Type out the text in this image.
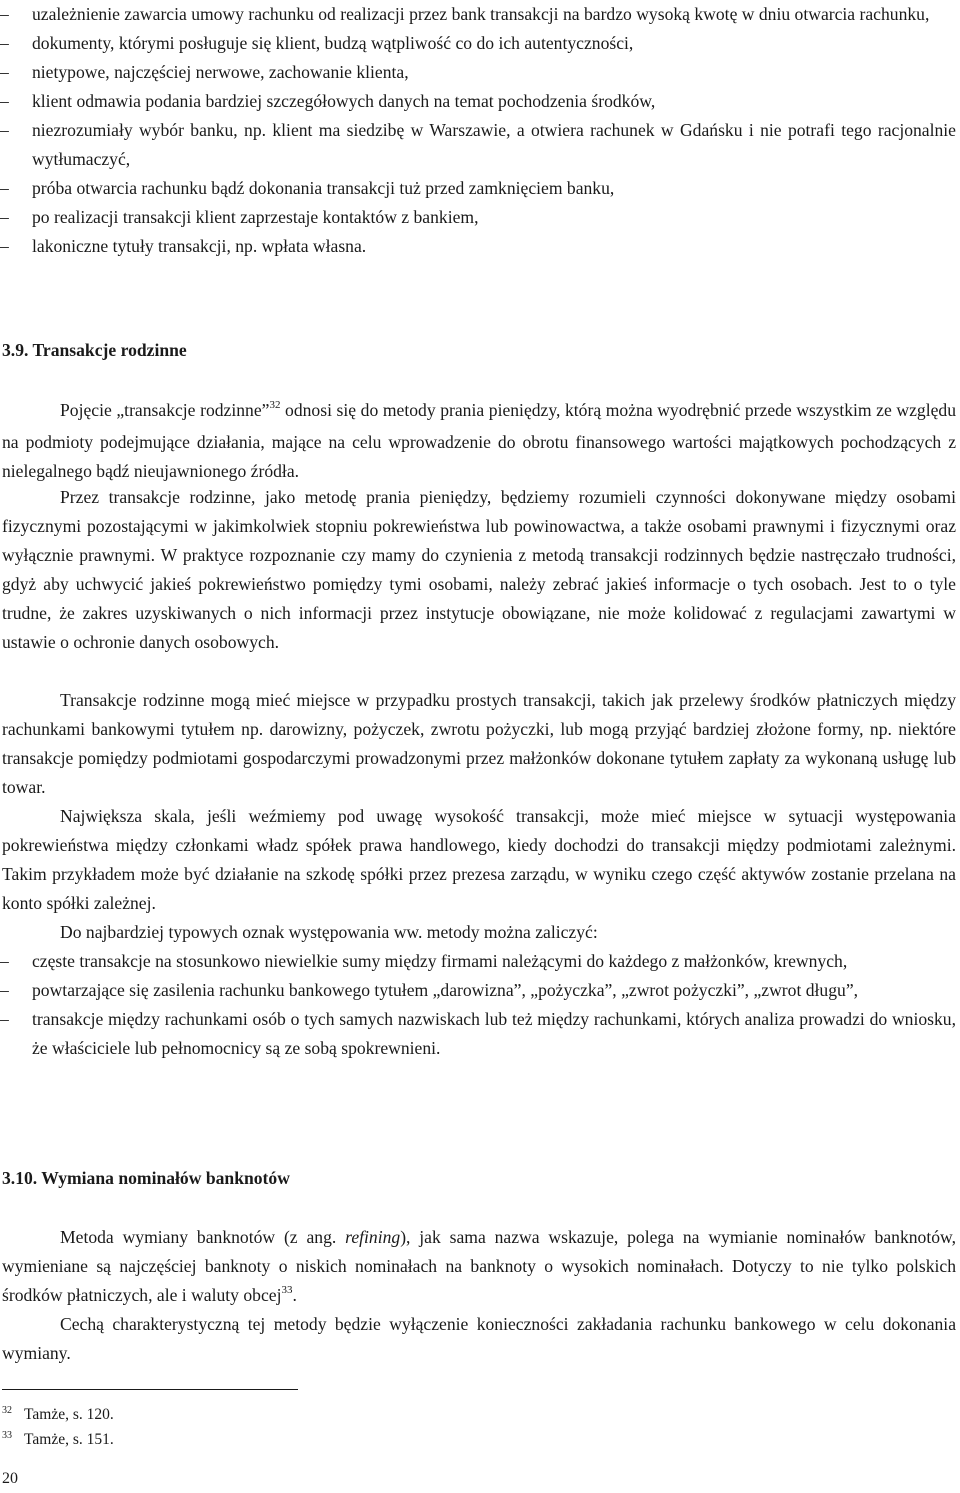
–	uzależnienie zawarcia umowy rachunku od realizacji przez bank transakcji na bardzo wysoką kwotę w dniu otwarcia rachunku,
–	dokumenty, którymi posługuje się klient, budzą wątpliwość co do ich autentyczności,
–	nietypowe, najczęściej nerwowe, zachowanie klienta,
–	klient odmawia podania bardziej szczegółowych danych na temat pochodzenia środków,
–	niezrozumiały wybór banku, np. klient ma siedzibę w Warszawie, a otwiera rachunek w Gdańsku i nie potrafi tego racjonalnie wytłumaczyć,
–	próba otwarcia rachunku bądź dokonania transakcji tuż przed zamknięciem banku,
–	po realizacji transakcji klient zaprzestaje kontaktów z bankiem,
–	lakoniczne tytuły transakcji, np. wpłata własna.
3.9. Transakcje rodzinne

Pojęcie „transakcje rodzinne”$^{32}$ odnosi się do metody prania pieniędzy, którą można wyodrębnić przede wszystkim ze względu na podmioty podejmujące działania, mające na celu wprowadzenie do obrotu finansowego wartości majątkowych pochodzących z nielegalnego bądź nieujawnionego źródła.

Przez transakcje rodzinne, jako metodę prania pieniędzy, będziemy rozumieli czynności dokonywane między osobami fizycznymi pozostającymi w jakimkolwiek stopniu pokrewieństwa lub powinowactwa, a także osobami prawnymi i fizycznymi oraz wyłącznie prawnymi. W praktyce rozpoznanie czy mamy do czynienia z metodą transakcji rodzinnych będzie nastręczało trudności, gdyż aby uchwycić jakieś pokrewieństwo pomiędzy tymi osobami, należy zebrać jakieś informacje o tych osobach. Jest to o tyle trudne, że zakres uzyskiwanych o nich informacji przez instytucje obowiązane, nie może kolidować z regulacjami zawartymi w ustawie o ochronie danych osobowych.

Transakcje rodzinne mogą mieć miejsce w przypadku prostych transakcji, takich jak przelewy środków płatniczych między rachunkami bankowymi tytułem np. darowizny, pożyczek, zwrotu pożyczki, lub mogą przyjąć bardziej złożone formy, np. niektóre transakcje pomiędzy podmiotami gospodarczymi prowadzonymi przez małżonków dokonane tytułem zapłaty za wykonaną usługę lub towar.

Największa skala, jeśli weźmiemy pod uwagę wysokość transakcji, może mieć miejsce w sytuacji występowania pokrewieństwa między członkami władz spółek prawa handlowego, kiedy dochodzi do transakcji między podmiotami zależnymi. Takim przykładem może być działanie na szkodę spółki przez prezesa zarządu, w wyniku czego część aktywów zostanie przelana na konto spółki zależnej.

Do najbardziej typowych oznak występowania ww. metody można zaliczyć:

–	częste transakcje na stosunkowo niewielkie sumy między firmami należącymi do każdego z małżonków, krewnych,
–	powtarzające się zasilenia rachunku bankowego tytułem „darowizna”, „pożyczka”, „zwrot pożyczki”, „zwrot długu”,
–	transakcje między rachunkami osób o tych samych nazwiskach lub też między rachunkami, których analiza prowadzi do wniosku, że właściciele lub pełnomocnicy są ze sobą spokrewnieni.
3.10. Wymiana nominałów banknotów

Metoda wymiany banknotów (z ang. refining), jak sama nazwa wskazuje, polega na wymianie nominałów banknotów, wymieniane są najczęściej banknoty o niskich nominałach na banknoty o wysokich nominałach. Dotyczy to nie tylko polskich środków płatniczych, ale i waluty obcej$^{33}$.

Cechą charakterystyczną tej metody będzie wyłączenie konieczności zakładania rachunku bankowego w celu dokonania wymiany.

$^{32}$ Tamże, s. 120.
$^{33}$ Tamże, s. 151.
20
